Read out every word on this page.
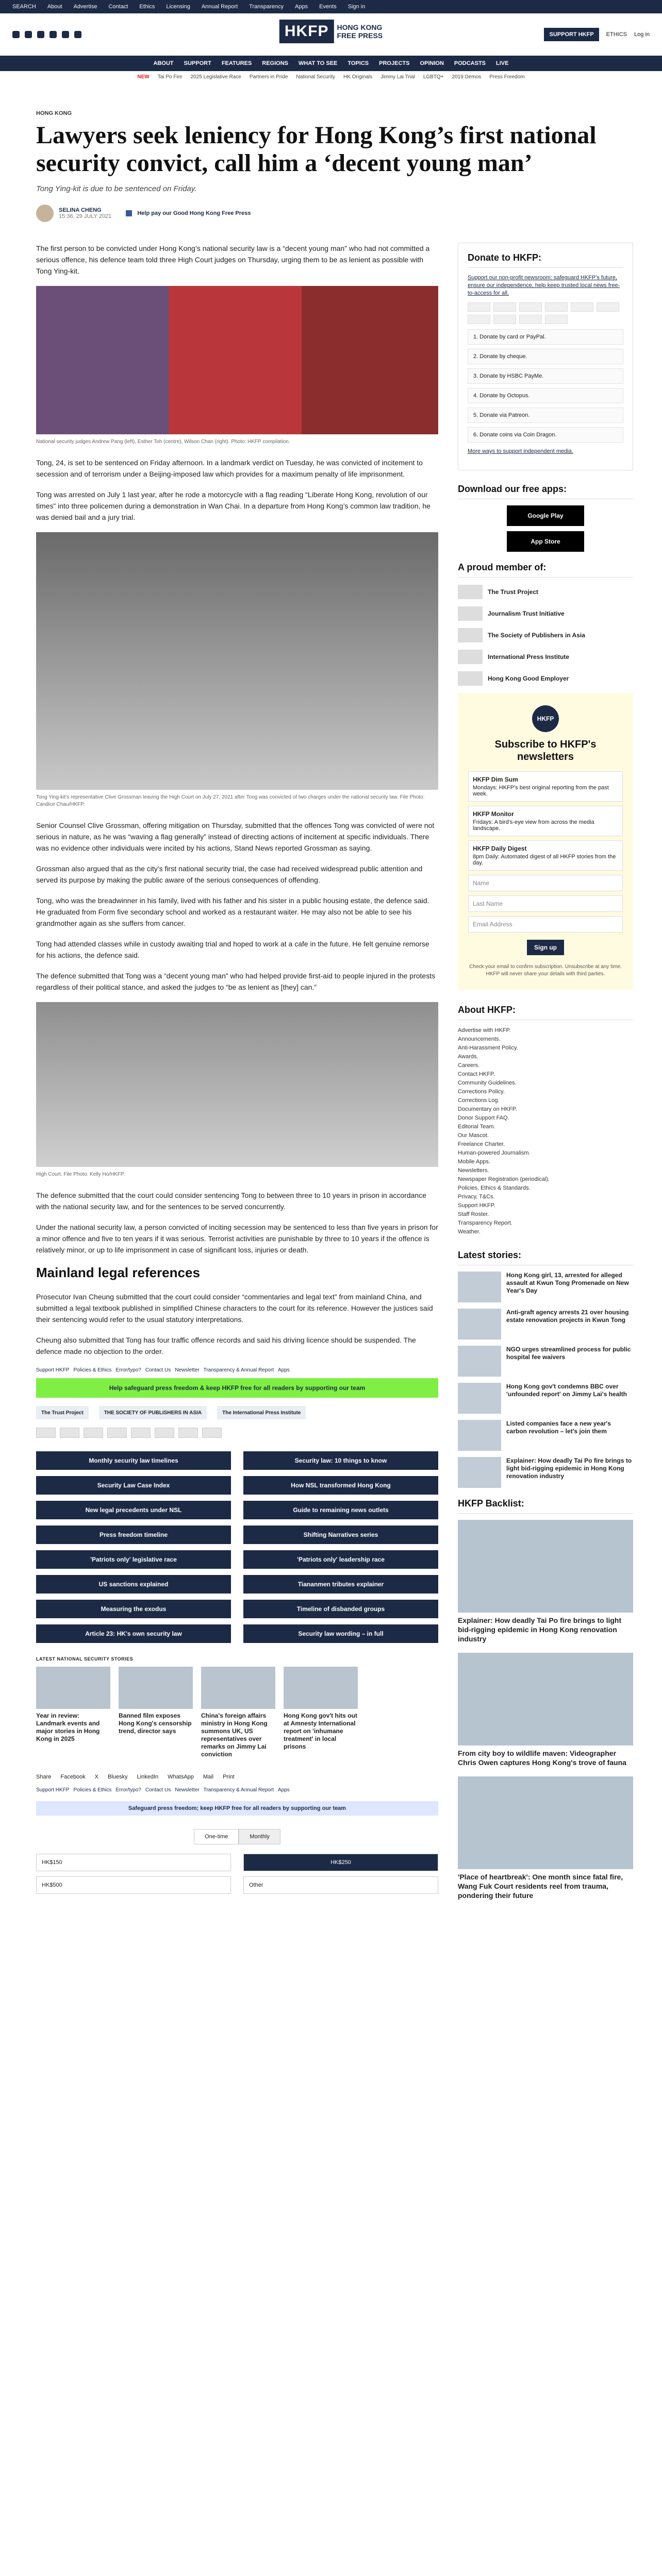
SEARCH About Advertise Contact Ethics Licensing Annual Report Transparency Apps Events Sign in
HKFP	HONG KONG
FREE PRESS	SUPPORT HKFP	ETHICS Log in
ABOUT SUPPORT FEATURES REGIONS WHAT TO SEE TOPICS PROJECTS OPINION PODCASTS LIVE
NEW Tai Po Fire 2025 Legislative Race Partners in Pride National Security HK Originals Jimmy Lai Trial LGBTQ+ 2019 Demos Press Freedom
HONG KONG
Lawyers seek leniency for Hong Kong’s first national security convict, call him a ‘decent young man’
Tong Ying-kit is due to be sentenced on Friday.
SELINA CHENG
15:36, 29 JULY 2021	Help pay our Good Hong Kong Free Press

The first person to be convicted under Hong Kong’s national security law is a “decent young man” who had not committed a serious offence, his defence team told three High Court judges on Thursday, urging them to be as lenient as possible with Tong Ying-kit.

National security judges Andrew Pang (left), Esther Toh (centre), Wilson Chan (right). Photo: HKFP compilation.

Tong, 24, is set to be sentenced on Friday afternoon. In a landmark verdict on Tuesday, he was convicted of incitement to secession and of terrorism under a Beijing-imposed law which provides for a maximum penalty of life imprisonment.

Tong was arrested on July 1 last year, after he rode a motorcycle with a flag reading “Liberate Hong Kong, revolution of our times” into three policemen during a demonstration in Wan Chai. In a departure from Hong Kong’s common law tradition, he was denied bail and a jury trial.

Tong Ying-kit’s representative Clive Grossman leaving the High Court on July 27, 2021 after Tong was convicted of two charges under the national security law. File Photo: Candice Chau/HKFP.

Senior Counsel Clive Grossman, offering mitigation on Thursday, submitted that the offences Tong was convicted of were not serious in nature, as he was “waving a flag generally” instead of directing actions of incitement at specific individuals. There was no evidence other individuals were incited by his actions, Stand News reported Grossman as saying.

Grossman also argued that as the city’s first national security trial, the case had received widespread public attention and served its purpose by making the public aware of the serious consequences of offending.

Tong, who was the breadwinner in his family, lived with his father and his sister in a public housing estate, the defence said. He graduated from Form five secondary school and worked as a restaurant waiter. He may also not be able to see his grandmother again as she suffers from cancer.

Tong had attended classes while in custody awaiting trial and hoped to work at a cafe in the future. He felt genuine remorse for his actions, the defence said.

The defence submitted that Tong was a “decent young man” who had helped provide first-aid to people injured in the protests regardless of their political stance, and asked the judges to “be as lenient as [they] can.”

High Court. File Photo: Kelly Ho/HKFP.

The defence submitted that the court could consider sentencing Tong to between three to 10 years in prison in accordance with the national security law, and for the sentences to be served concurrently.

Under the national security law, a person convicted of inciting secession may be sentenced to less than five years in prison for a minor offence and five to ten years if it was serious. Terrorist activities are punishable by three to 10 years if the offence is relatively minor, or up to life imprisonment in case of significant loss, injuries or death.

Mainland legal references

Prosecutor Ivan Cheung submitted that the court could consider “commentaries and legal text” from mainland China, and submitted a legal textbook published in simplified Chinese characters to the court for its reference. However the justices said their sentencing would refer to the usual statutory interpretations.

Cheung also submitted that Tong has four traffic offence records and said his driving licence should be suspended. The defence made no objection to the order.

Support HKFP Policies & Ethics Error/typo? Contact Us Newsletter Transparency & Annual Report Apps
Help safeguard press freedom & keep HKFP free for all readers by supporting our team
The Trust Project	THE SOCIETY OF PUBLISHERS IN ASIA	The International Press Institute
Monthly security law timelines	Security law: 10 things to know
Security Law Case Index	How NSL transformed Hong Kong
New legal precedents under NSL	Guide to remaining news outlets
Press freedom timeline	Shifting Narratives series
'Patriots only' legislative race	'Patriots only' leadership race
US sanctions explained	Tiananmen tributes explainer
Measuring the exodus	Timeline of disbanded groups
Article 23: HK's own security law	Security law wording – in full
LATEST NATIONAL SECURITY STORIES
Year in review: Landmark events and major stories in Hong Kong in 2025
Banned film exposes Hong Kong's censorship trend, director says
China's foreign affairs ministry in Hong Kong summons UK, US representatives over remarks on Jimmy Lai conviction
Hong Kong gov't hits out at Amnesty International report on 'inhumane treatment' in local prisons
Share Facebook X Bluesky LinkedIn WhatsApp Mail Print
Support HKFP Policies & Ethics Error/typo? Contact Us Newsletter Transparency & Annual Report Apps
Safeguard press freedom; keep HKFP free for all readers by supporting our team
One-time	Monthly
HK$150	HK$250
HK$500	Other
Donate to HKFP:

Support our non-profit newsroom: safeguard HKFP's future, ensure our independence, help keep trusted local news free-to-access for all.

1. Donate by card or PayPal.
2. Donate by cheque.
3. Donate by HSBC PayMe.
4. Donate by Octopus.
5. Donate via Patreon.
6. Donate coins via Coin Dragon.

More ways to support independent media.

Download our free apps:
Google Play
App Store
A proud member of:
The Trust Project
Journalism Trust Initiative
The Society of Publishers in Asia
International Press Institute
Hong Kong Good Employer
HKFP
Subscribe to HKFP's newsletters
HKFP Dim Sum
Mondays: HKFP's best original reporting from the past week.
HKFP Monitor
Fridays: A bird's-eye view from across the media landscape.
HKFP Daily Digest
8pm Daily: Automated digest of all HKFP stories from the day.
Name
Last Name
Email Address
Sign up
Check your email to confirm subscription. Unsubscribe at any time. HKFP will never share your details with third parties.
About HKFP:
Advertise with HKFP.
Announcements.
Anti-Harassment Policy.
Awards.
Careers.
Contact HKFP.
Community Guidelines.
Corrections Policy.
Corrections Log.
Documentary on HKFP.
Donor Support FAQ.
Editorial Team.
Our Mascot.
Freelance Charter.
Human-powered Journalism.
Mobile Apps.
Newsletters.
Newspaper Registration (periodical).
Policies, Ethics & Standards.
Privacy, T&Cs.
Support HKFP.
Staff Roster.
Transparency Report.
Weather.
Latest stories:
Hong Kong girl, 13, arrested for alleged assault at Kwun Tong Promenade on New Year's Day
Anti-graft agency arrests 21 over housing estate renovation projects in Kwun Tong
NGO urges streamlined process for public hospital fee waivers
Hong Kong gov't condemns BBC over 'unfounded report' on Jimmy Lai's health
Listed companies face a new year's carbon revolution – let's join them
Explainer: How deadly Tai Po fire brings to light bid-rigging epidemic in Hong Kong renovation industry
HKFP Backlist:
Explainer: How deadly Tai Po fire brings to light bid-rigging epidemic in Hong Kong renovation industry
From city boy to wildlife maven: Videographer Chris Owen captures Hong Kong's trove of fauna
'Place of heartbreak': One month since fatal fire, Wang Fuk Court residents reel from trauma, pondering their future
